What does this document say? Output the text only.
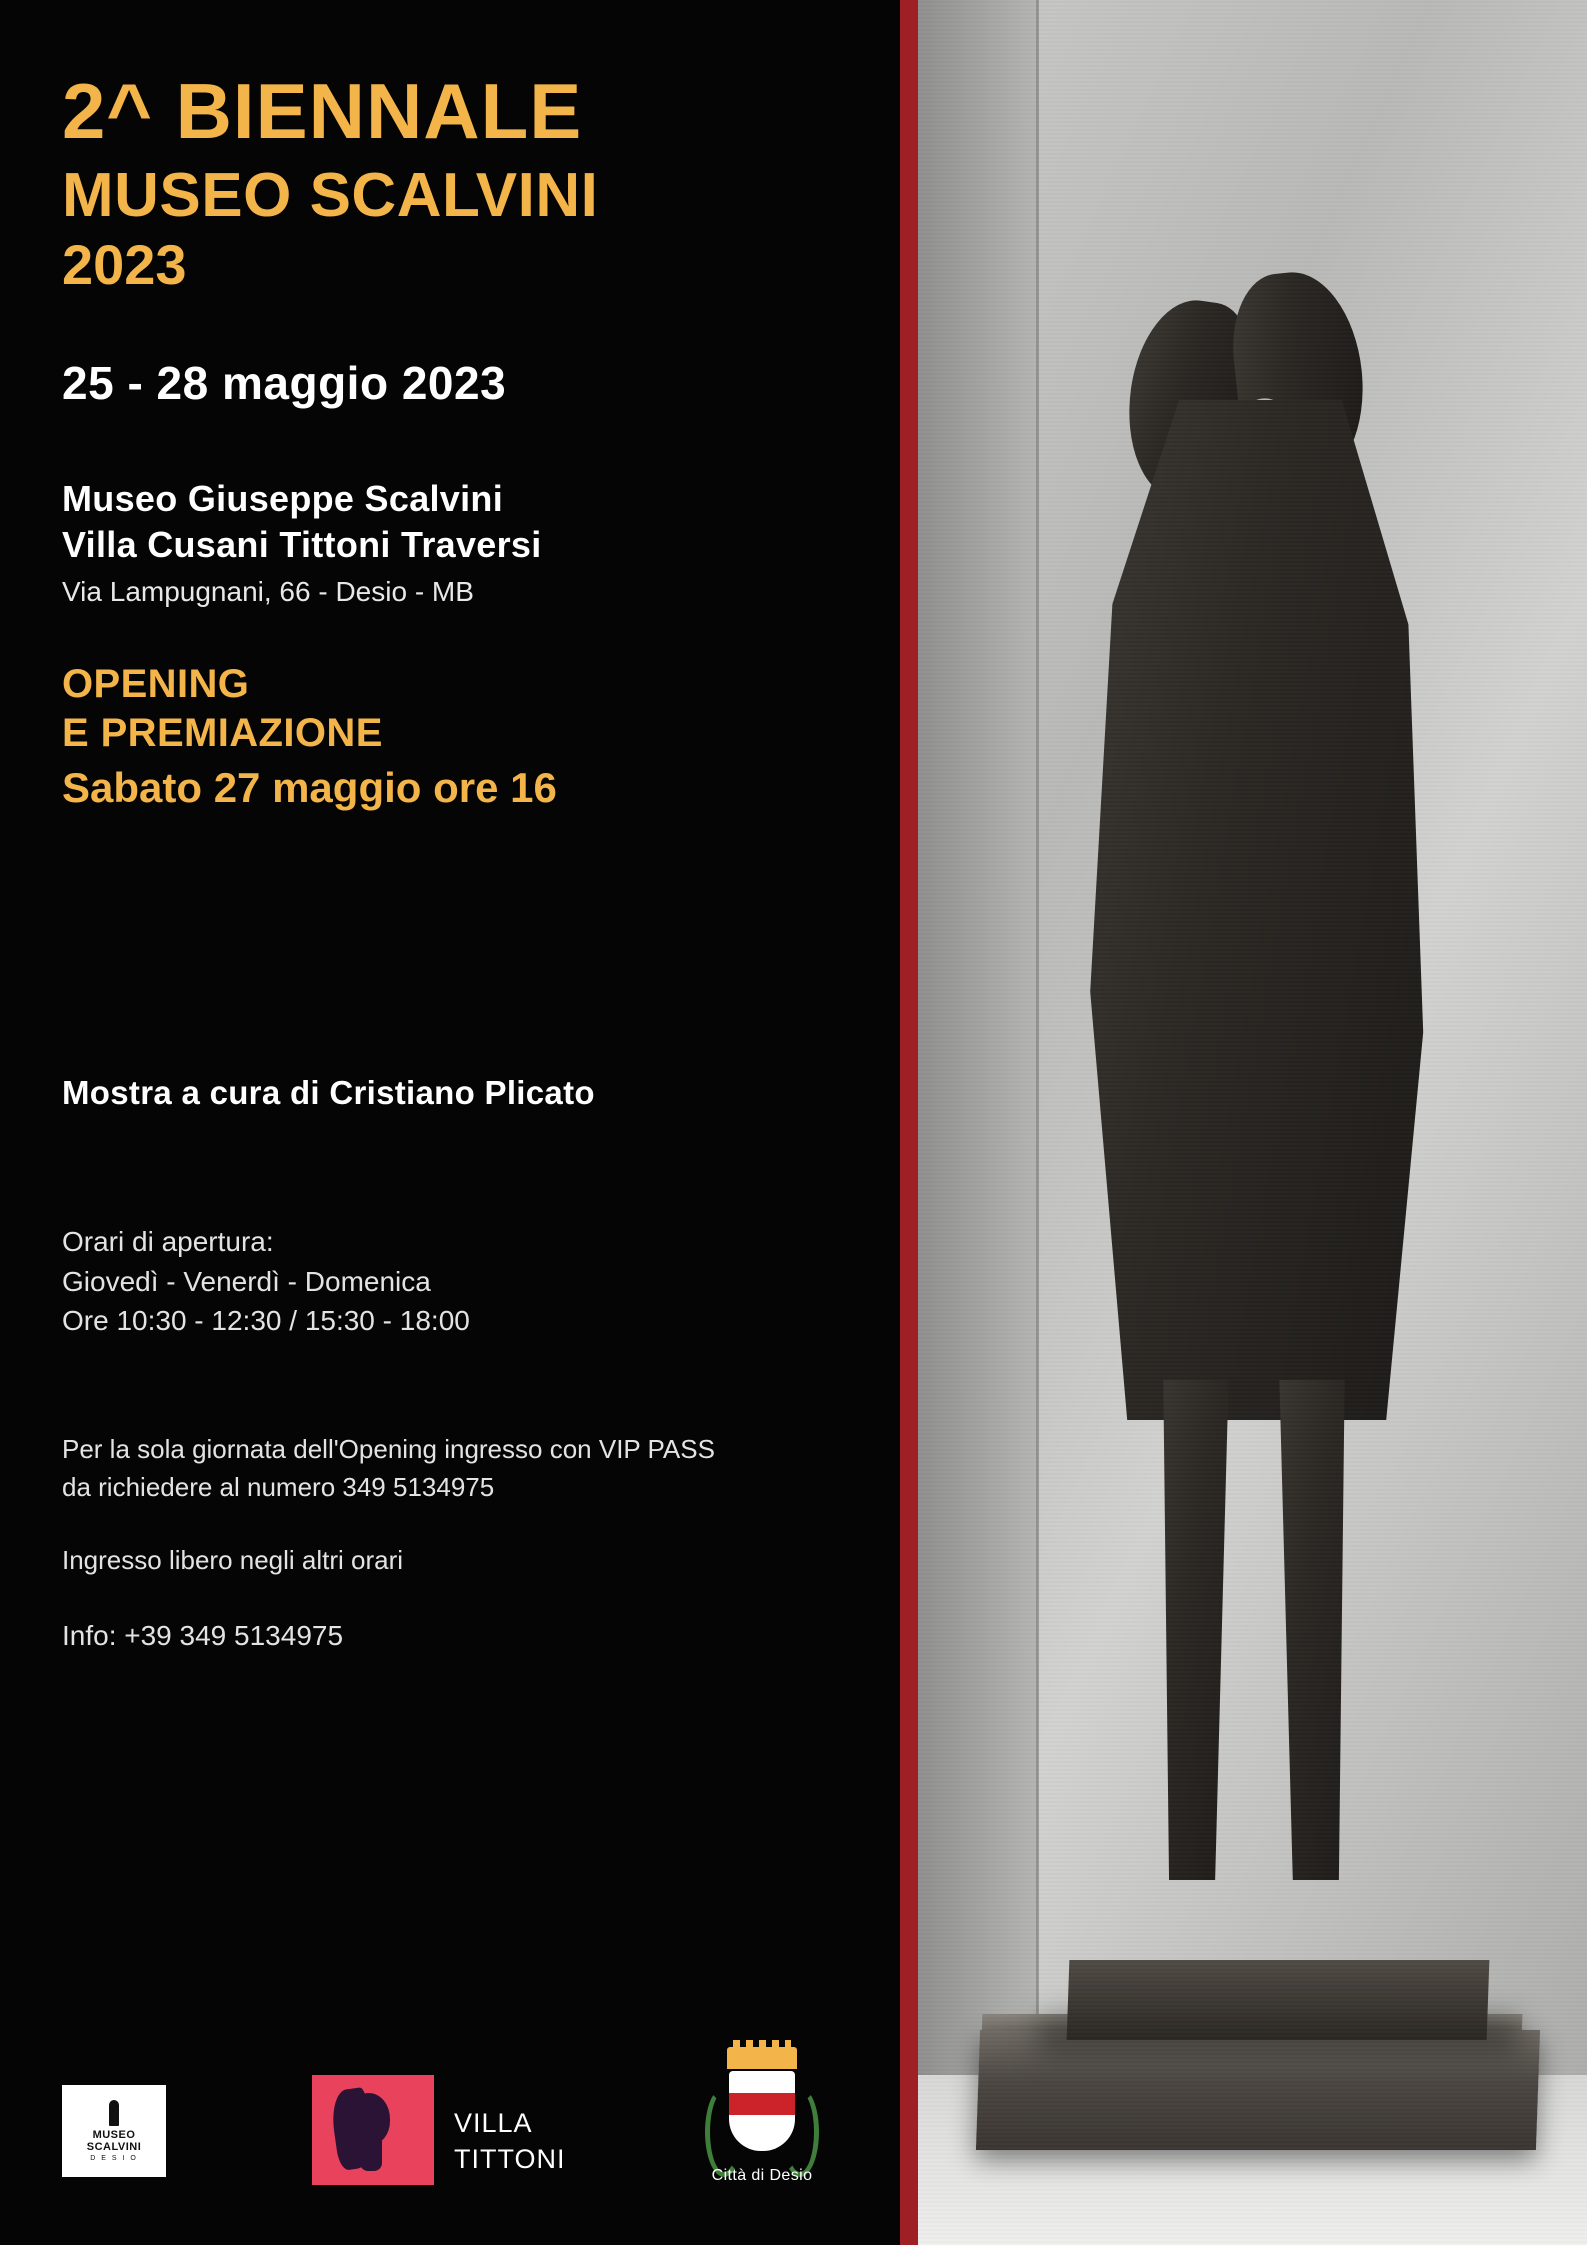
2^ BIENNALE
MUSEO SCALVINI
2023

25 - 28 maggio 2023

Museo Giuseppe Scalvini

Villa Cusani Tittoni Traversi

Via Lampugnani, 66 - Desio - MB

OPENING

E PREMIAZIONE

Sabato 27 maggio ore 16

Mostra a cura di Cristiano Plicato

Orari di apertura:

Giovedì - Venerdì - Domenica

Ore 10:30 - 12:30 / 15:30 - 18:00

Per la sola giornata dell'Opening ingresso con VIP PASS

da richiedere al numero 349 5134975

Ingresso libero negli altri orari

Info: +39 349 5134975

MUSEO
SCALVINI
D E S I O
VILLA
TITTONI
Città di Desio
